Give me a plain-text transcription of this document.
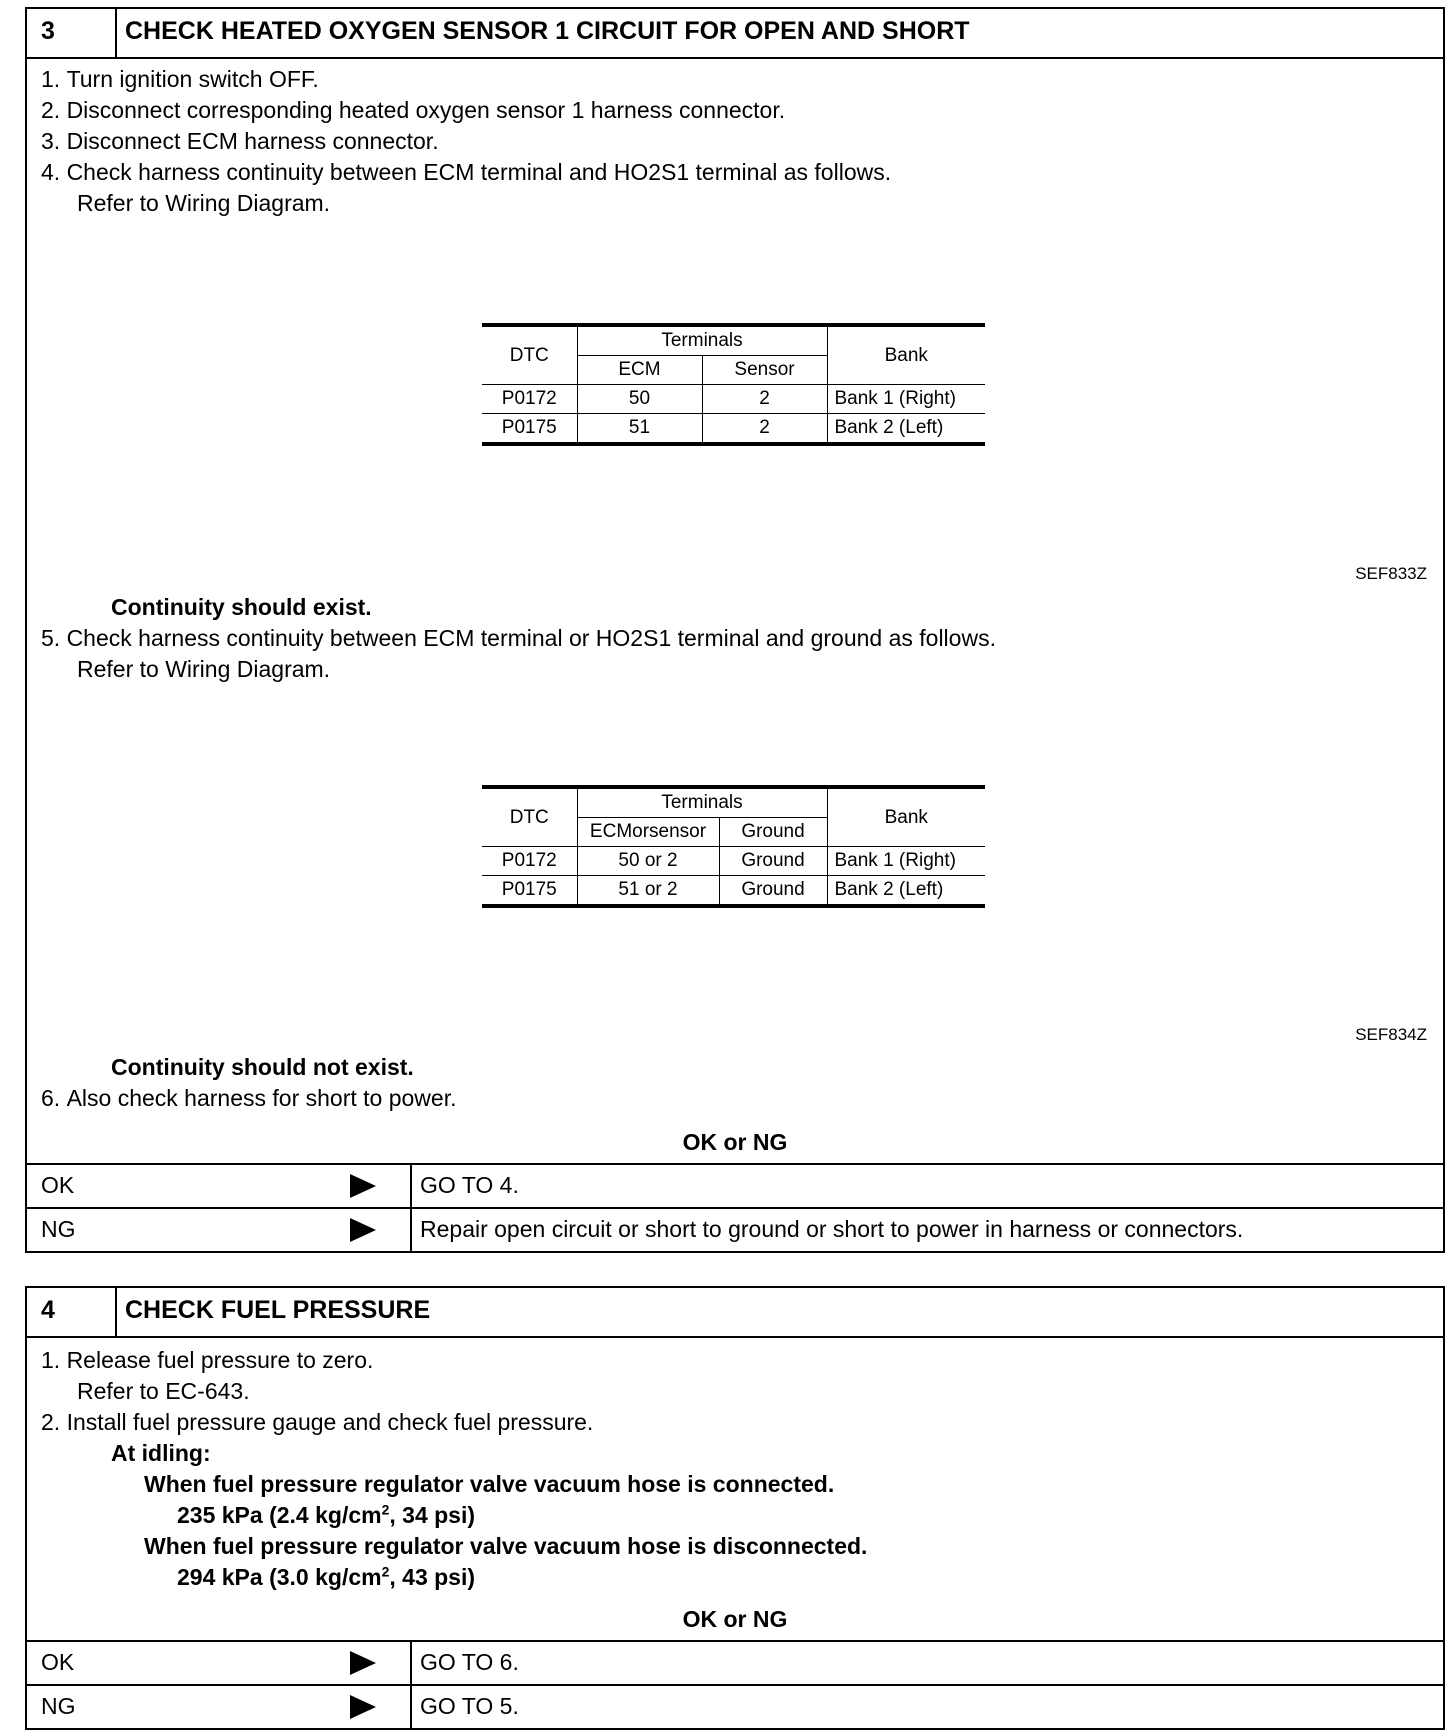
3	CHECK HEATED OXYGEN SENSOR 1 CIRCUIT FOR OPEN AND SHORT
1. Turn ignition switch OFF.
2. Disconnect corresponding heated oxygen sensor 1 harness connector.
3. Disconnect ECM harness connector.
4. Check harness continuity between ECM terminal and HO2S1 terminal as follows.
Refer to Wiring Diagram.
DTC	Terminals		Bank
	ECM	Sensor	
P0172	50	2	Bank 1 (Right)
P0175	51	2	Bank 2 (Left)
SEF833Z
Continuity should exist.
5. Check harness continuity between ECM terminal or HO2S1 terminal and ground as follows.
Refer to Wiring Diagram.
DTC	Terminals		Bank
	ECMorsensor	Ground	
P0172	50 or 2	Ground	Bank 1 (Right)
P0175	51 or 2	Ground	Bank 2 (Left)
SEF834Z
Continuity should not exist.
6. Also check harness for short to power.
OK or NG
OK	GO TO 4.
NG	Repair open circuit or short to ground or short to power in harness or connectors.
4	CHECK FUEL PRESSURE
1. Release fuel pressure to zero.
Refer to EC-643.
2. Install fuel pressure gauge and check fuel pressure.
At idling:
When fuel pressure regulator valve vacuum hose is connected.
235 kPa (2.4 $kg/cm^2$, 34 psi)
When fuel pressure regulator valve vacuum hose is disconnected.
294 kPa (3.0 $kg/cm^2$, 43 psi)
OK or NG
OK	GO TO 6.
NG	GO TO 5.
